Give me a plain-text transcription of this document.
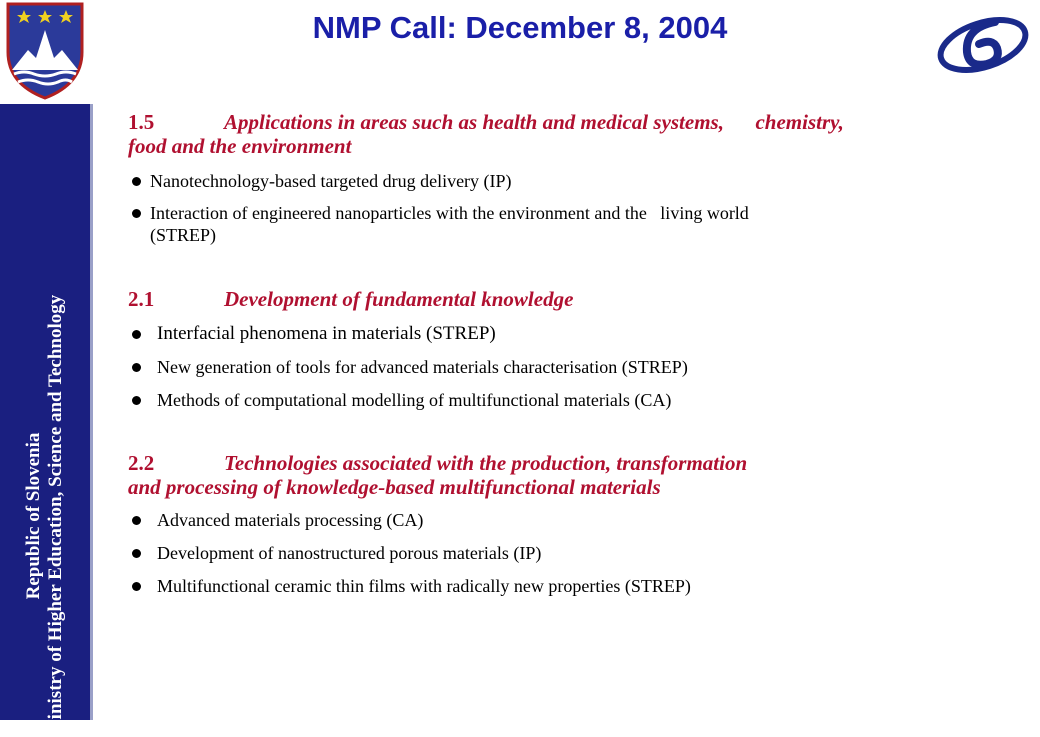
Republic of Slovenia Ministry of Higher Education, Science and Technology
NMP Call: December 8, 2004
1.5	Applications in areas such as health and medical systems,      chemistry,
food and the environment
Nanotechnology-based targeted drug delivery (IP)
Interaction of engineered nanoparticles with the environment and the   living world
(STREP)
2.1	Development of fundamental knowledge
Interfacial phenomena in materials (STREP)
New generation of tools for advanced materials characterisation (STREP)
Methods of computational modelling of multifunctional materials (CA)
2.2	Technologies associated with the production, transformation
and processing of knowledge-based multifunctional materials
Advanced materials processing (CA)
Development of nanostructured porous materials (IP)
Multifunctional ceramic thin films with radically new properties (STREP)
